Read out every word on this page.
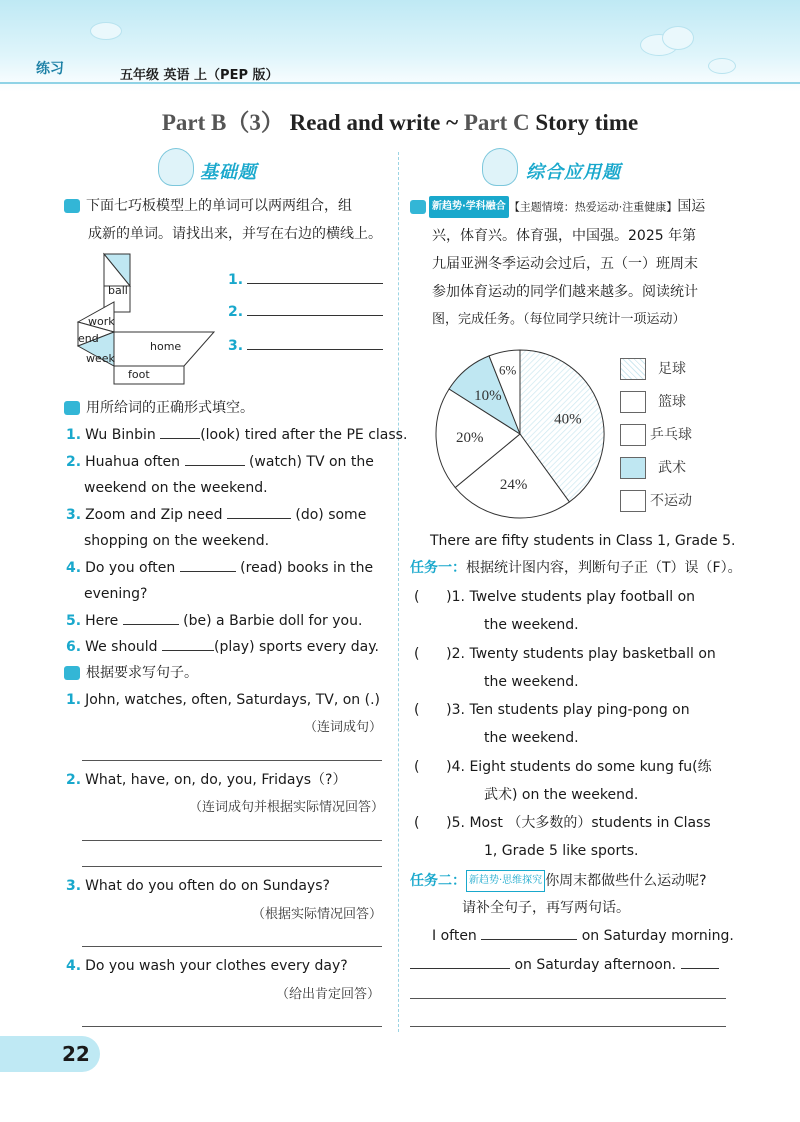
练习	五年级 英语 上（PEP 版）
Part B（3） Read and write ~ Part C Story time
基础题
下面七巧板模型上的单词可以两两组合，组
成新的单词。请找出来，并写在右边的横线上。
ball
work
end
week
home
foot
1.
2.
3.
用所给词的正确形式填空。
1. Wu Binbin	(look) tired after the PE class.
2. Huahua often	(watch) TV on the
weekend on the weekend.
3. Zoom and Zip need	(do) some
shopping on the weekend.
4. Do you often	(read) books in the
evening?
5. Here	(be) a Barbie doll for you.
6. We should	(play) sports every day.
根据要求写句子。
1. John, watches, often, Saturdays, TV, on (.)
（连词成句）
2. What, have, on, do, you, Fridays（?）
（连词成句并根据实际情况回答）
3. What do you often do on Sundays?
（根据实际情况回答）
4. Do you wash your clothes every day?
（给出肯定回答）
综合应用题
新趋势·学科融合 【主题情境：热爱运动·注重健康】国运
兴，体育兴。体育强，中国强。2025 年第
九届亚洲冬季运动会过后，五（一）班周末
参加体育运动的同学们越来越多。阅读统计
图，完成任务。（每位同学只统计一项运动）
40%
24%
20%
10%
6%	足球
篮球
乒乓球
武术
不运动
There are fifty students in Class 1, Grade 5.
任务一：根据统计图内容，判断句子正（T）误（F）。
(      )1. Twelve students play football on
the weekend.
(      )2. Twenty students play basketball on
the weekend.
(      )3. Ten students play ping-pong on
the weekend.
(      )4. Eight students do some kung fu(练
武术) on the weekend.
(      )5. Most （大多数的）students in Class
1, Grade 5 like sports.
任务二： 新趋势·思维探究 你周末都做些什么运动呢?
请补全句子，再写两句话。
I often	on Saturday morning.
on Saturday afternoon.
22
